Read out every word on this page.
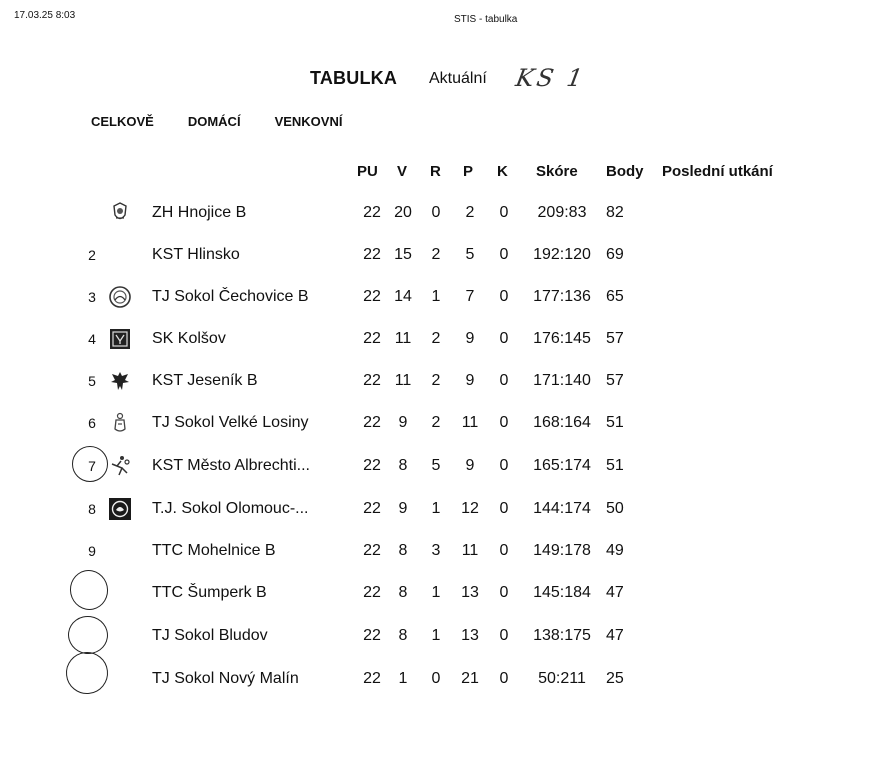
17.03.25 8:03	STIS - tabulka
TABULKA Aktuální KS 1
CELKOVĚ	DOMÁCÍ	VENKOVNÍ
PU V R P K Skóre Body Poslední utkání
ZH Hnojice B	22 20	0	2	0	209:83	82
2	KST Hlinsko	22 15	2	5	0	192:120 69
3	TJ Sokol Čechovice B	22 14	1	7	0	177:136 65
4	SK Kolšov	22 11	2	9	0	176:145 57
5	KST Jeseník B	22 11	2	9	0	171:140 57
6	TJ Sokol Velké Losiny	22	9	2	11	0	168:164 51
7	KST Město Albrechti...	22	8	5	9	0	165:174 51
8	T.J. Sokol Olomouc-...	22	9	1	12	0	144:174 50
9	TTC Mohelnice B	22	8	3	11	0	149:178 49
TTC Šumperk B	22	8	1	13	0	145:184 47
TJ Sokol Bludov	22	8	1	13	0	138:175 47
TJ Sokol Nový Malín	22	1	0	21	0	50:211	25
